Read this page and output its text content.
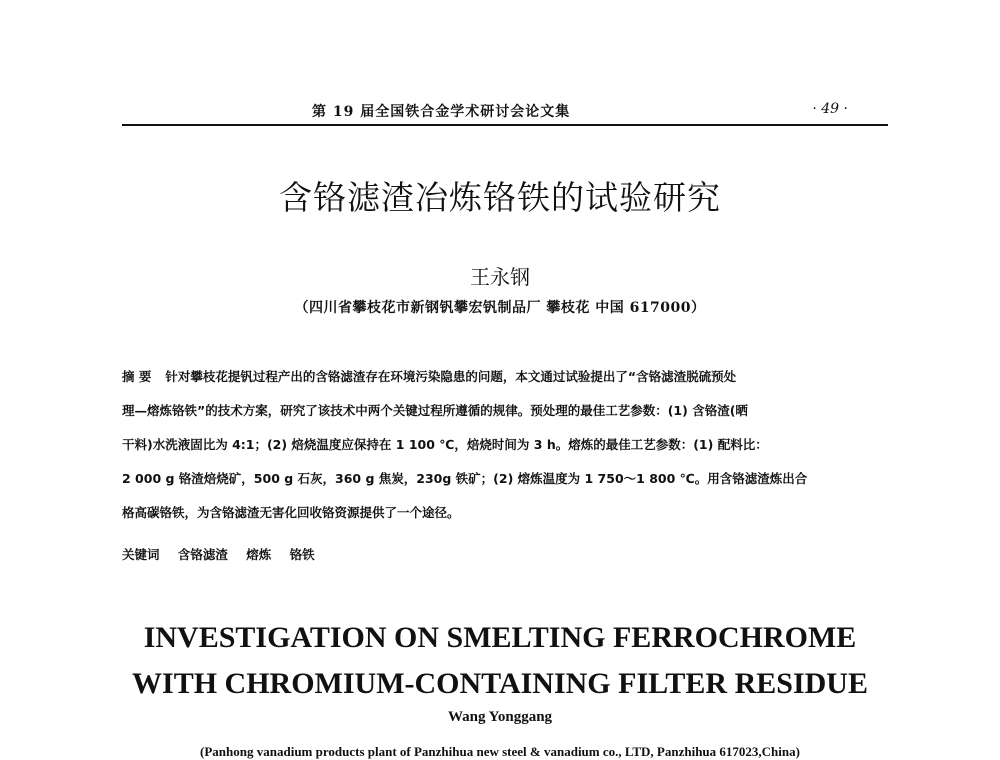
第 19 届全国铁合金学术研讨会论文集	· 49 ·
含铬滤渣冶炼铬铁的试验研究
王永钢
（四川省攀枝花市新钢钒攀宏钒制品厂 攀枝花 中国 617000）
摘 要 针对攀枝花提钒过程产出的含铬滤渣存在环境污染隐患的问题，本文通过试验提出了“含铬滤渣脱硫预处
理—熔炼铬铁”的技术方案，研究了该技术中两个关键过程所遵循的规律。预处理的最佳工艺参数：(1) 含铬渣(晒
干料)水洗液固比为 4:1；(2) 焙烧温度应保持在 1 100 ℃，焙烧时间为 3 h。熔炼的最佳工艺参数：(1) 配料比：
2 000 g 铬渣焙烧矿，500 g 石灰，360 g 焦炭，230g 铁矿；(2) 熔炼温度为 1 750～1 800 ℃。用含铬滤渣炼出合
格高碳铬铁，为含铬滤渣无害化回收铬资源提供了一个途径。
关键词 含铬滤渣 熔炼 铬铁
INVESTIGATION ON SMELTING FERROCHROME
WITH CHROMIUM-CONTAINING FILTER RESIDUE
Wang Yonggang
(Panhong vanadium products plant of Panzhihua new steel & vanadium co., LTD, Panzhihua 617023,China)
